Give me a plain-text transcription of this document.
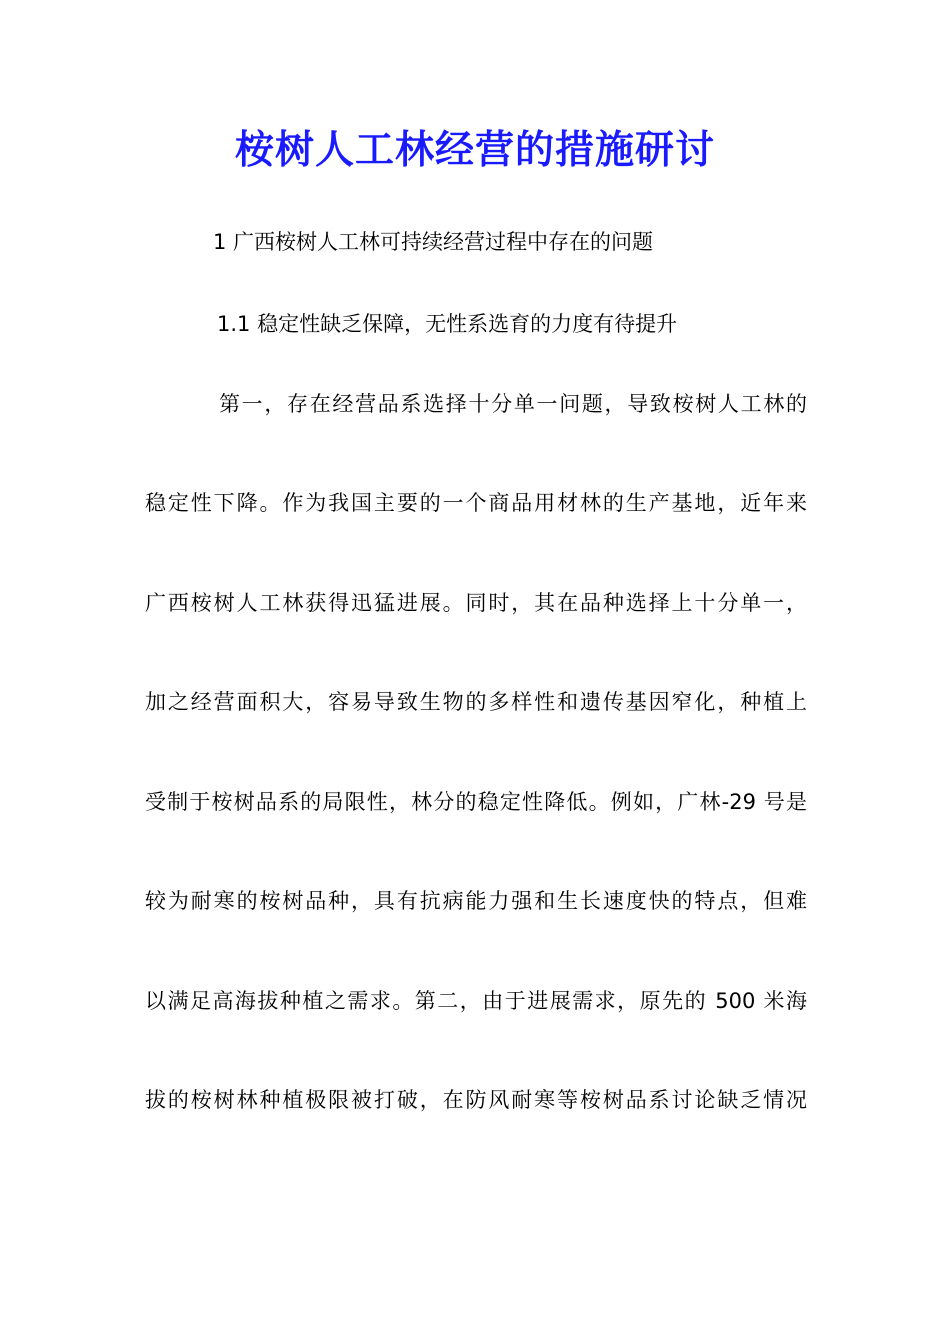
桉树人工林经营的措施研讨
1 广西桉树人工林可持续经营过程中存在的问题
1.1 稳定性缺乏保障，无性系选育的力度有待提升
第一，存在经营品系选择十分单一问题，导致桉树人工林的
稳定性下降。作为我国主要的一个商品用材林的生产基地，近年来
广西桉树人工林获得迅猛进展。同时，其在品种选择上十分单一，
加之经营面积大，容易导致生物的多样性和遗传基因窄化，种植上
受制于桉树品系的局限性，林分的稳定性降低。例如，广林-29 号是
较为耐寒的桉树品种，具有抗病能力强和生长速度快的特点，但难
以满足高海拔种植之需求。第二，由于进展需求，原先的 500 米海
拔的桉树林种植极限被打破，在防风耐寒等桉树品系讨论缺乏情况
